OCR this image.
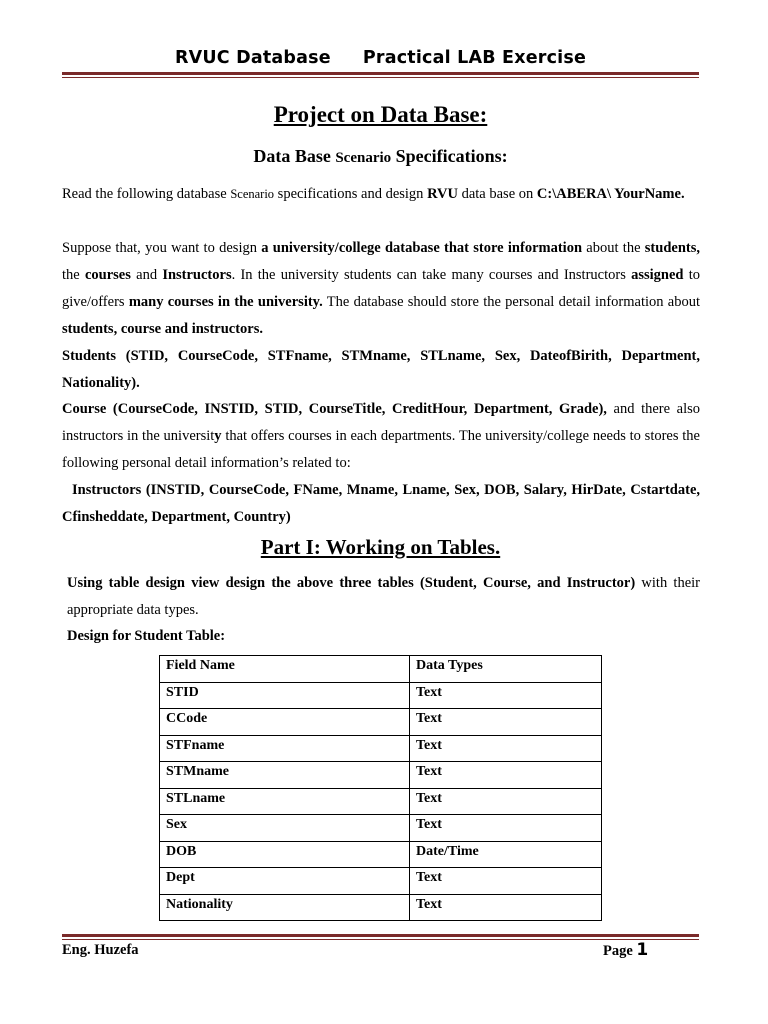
RVUC Database Practical LAB Exercise
Project on Data Base:
Data Base Scenario Specifications:
Read the following database Scenario specifications and design RVU data base on C:\ABERA\ YourName.
Suppose that, you want to design a university/college database that store information about the students, the courses and Instructors. In the university students can take many courses and Instructors assigned to give/offers many courses in the university. The database should store the personal detail information about students, course and instructors.
Students (STID, CourseCode, STFname, STMname, STLname, Sex, DateofBirith, Department, Nationality).
Course (CourseCode, INSTID, STID, CourseTitle, CreditHour, Department, Grade), and there also instructors in the university that offers courses in each departments. The university/college needs to stores the following personal detail information’s related to:
Instructors (INSTID, CourseCode, FName, Mname, Lname, Sex, DOB, Salary, HirDate, Cstartdate, Cfinsheddate, Department, Country)
Part I: Working on Tables.
Using table design view design the above three tables (Student, Course, and Instructor) with their appropriate data types.
Design for Student Table:
Field Name	Data Types
STID	Text
CCode	Text
STFname	Text
STMname	Text
STLname	Text
Sex	Text
DOB	Date/Time
Dept	Text
Nationality	Text
Eng. Huzefa	Page 1
